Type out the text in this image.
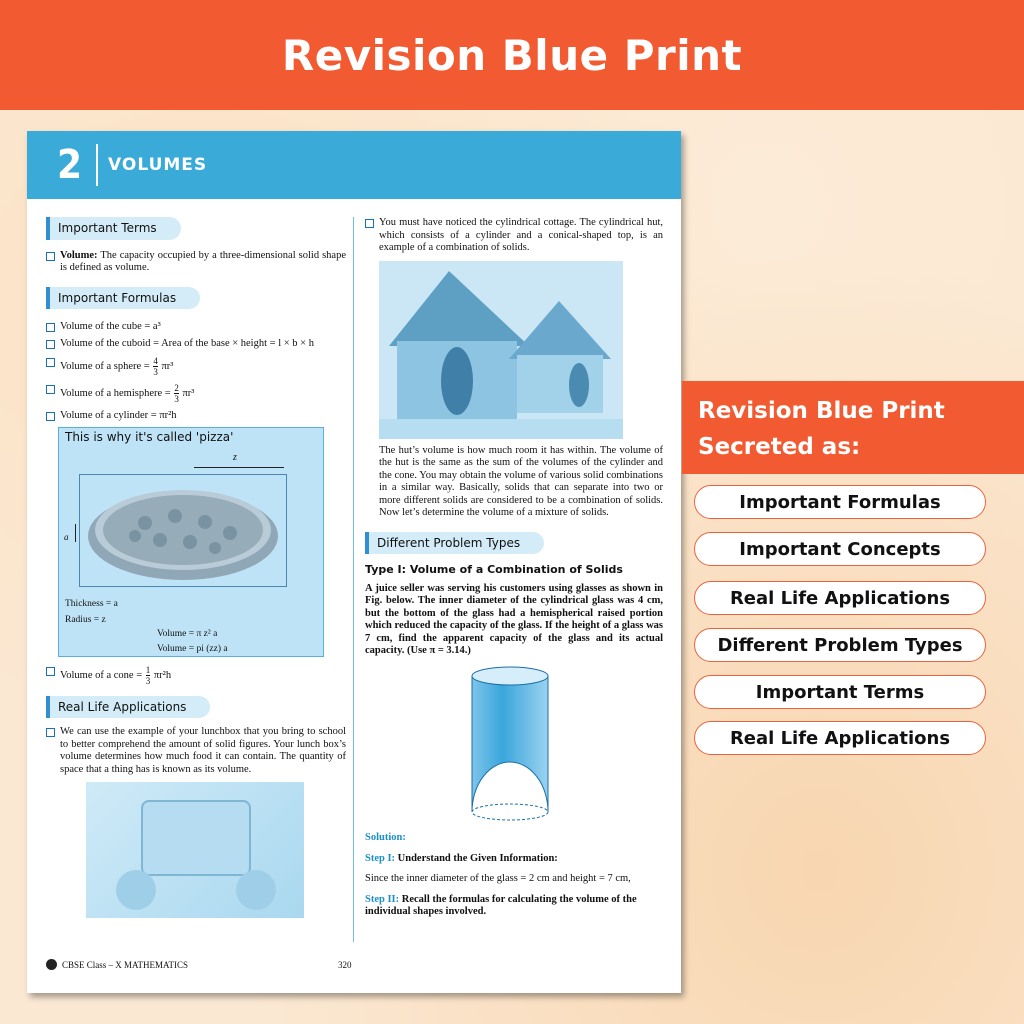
Revision Blue Print
2 VOLUMES
Important Terms
Volume: The capacity occupied by a three-dimensional solid shape is defined as volume.
Important Formulas
Volume of the cube = a³
Volume of the cuboid = Area of the base × height = l × b × h
Volume of a sphere = $\frac{4}{3} \pi r^3$
Volume of a hemisphere = $\frac{2}{3} \pi r^3$
Volume of a cylinder = πr²h
This is why it's called 'pizza'
z
a
Thickness = a
Radius = z
Volume = π z² a
Volume = pi (zz) a
Volume of a cone = $\frac{1}{3} \pi r^2h$
Real Life Applications
We can use the example of your lunchbox that you bring to school to better comprehend the amount of solid figures. Your lunch box’s volume determines how much food it can contain. The quantity of space that a thing has is known as its volume.
You must have noticed the cylindrical cottage. The cylindrical hut, which consists of a cylinder and a conical-shaped top, is an example of a combination of solids.
The hut’s volume is how much room it has within. The volume of the hut is the same as the sum of the volumes of the cylinder and the cone. You may obtain the volume of various solid combinations in a similar way. Basically, solids that can separate into two or more different solids are considered to be a combination of solids. Now let’s determine the volume of a mixture of solids.
Different Problem Types
Type I: Volume of a Combination of Solids
A juice seller was serving his customers using glasses as shown in Fig. below. The inner diameter of the cylindrical glass was 4 cm, but the bottom of the glass had a hemispherical raised portion which reduced the capacity of the glass. If the height of a glass was 7 cm, find the apparent capacity of the glass and its actual capacity. (Use π = 3.14.)
Solution:
Step I: Understand the Given Information:
Since the inner diameter of the glass = 2 cm and height = 7 cm,
Step II: Recall the formulas for calculating the volume of the individual shapes involved.
CBSE Class – X MATHEMATICS	320
Revision Blue Print
Secreted as:
Important Formulas
Important Concepts
Real Life Applications
Different Problem Types
Important Terms
Real Life Applications
